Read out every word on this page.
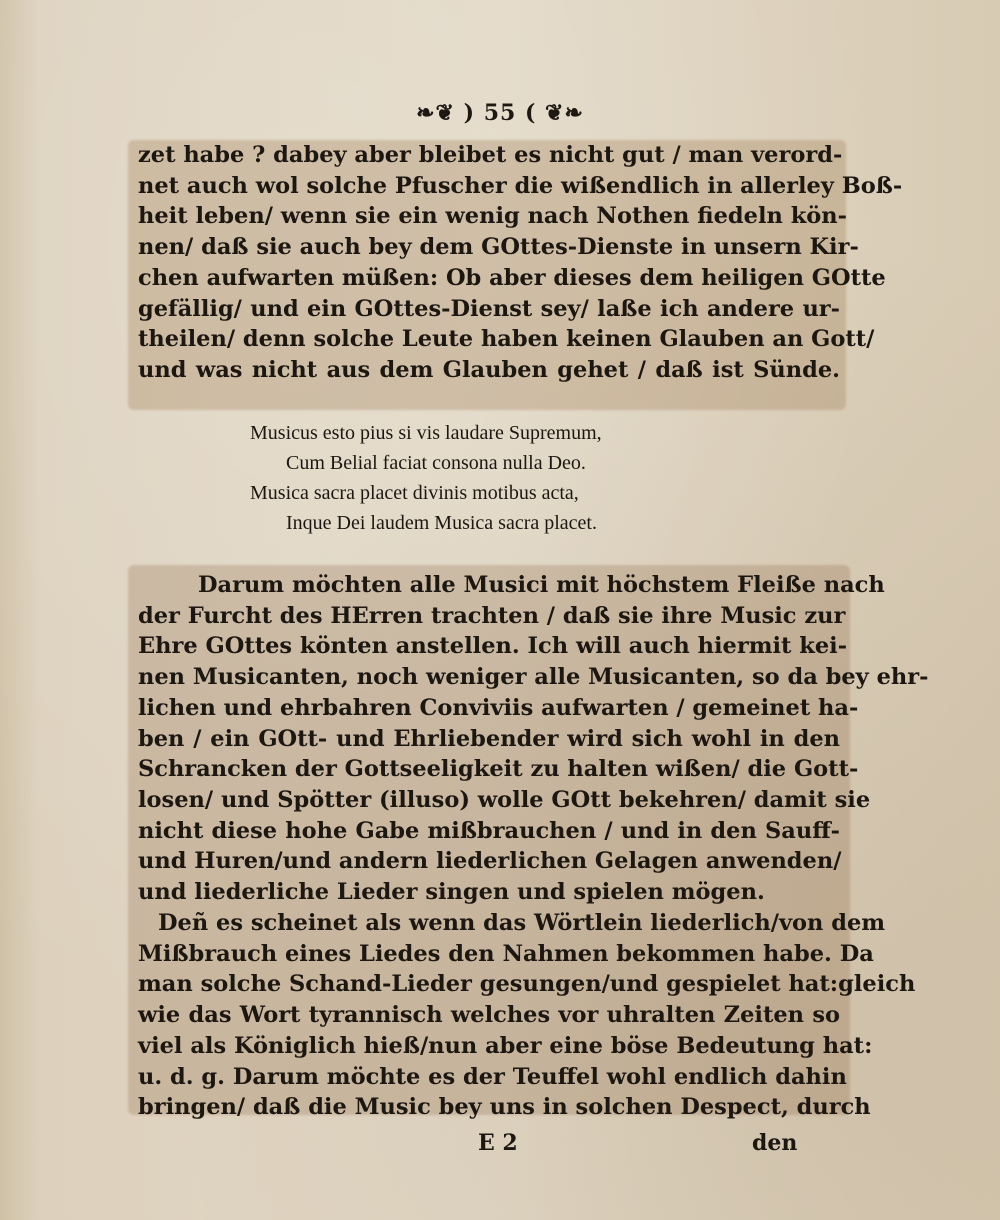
❧❦ ) 55 ( ❦❧
zet habe ? dabey aber bleibet es nicht gut / man verord-
net auch wol solche Pfuscher die wißendlich in allerley Boß-
heit leben/ wenn sie ein wenig nach Nothen fiedeln kön-
nen/ daß sie auch bey dem GOttes-Dienste in unsern Kir-
chen aufwarten müßen: Ob aber dieses dem heiligen GOtte
gefällig/ und ein GOttes-Dienst sey/ laße ich andere ur-
theilen/ denn solche Leute haben keinen Glauben an Gott/
und was nicht aus dem Glauben gehet / daß ist Sünde.
Musicus esto pius si vis laudare Supremum,
Cum Belial faciat consona nulla Deo.
Musica sacra placet divinis motibus acta,
Inque Dei laudem Musica sacra placet.
Darum möchten alle Musici mit höchstem Fleiße nach
der Furcht des HErren trachten / daß sie ihre Music zur
Ehre GOttes könten anstellen. Ich will auch hiermit kei-
nen Musicanten, noch weniger alle Musicanten, so da bey ehr-
lichen und ehrbahren Conviviis aufwarten / gemeinet ha-
ben / ein GOtt- und Ehrliebender wird sich wohl in den
Schrancken der Gottseeligkeit zu halten wißen/ die Gott-
losen/ und Spötter (illuso) wolle GOtt bekehren/ damit sie
nicht diese hohe Gabe mißbrauchen / und in den Sauff-
und Huren/und andern liederlichen Gelagen anwenden/
und liederliche Lieder singen und spielen mögen.
Deñ es scheinet als wenn das Wörtlein liederlich/von dem
Mißbrauch eines Liedes den Nahmen bekommen habe. Da
man solche Schand-Lieder gesungen/und gespielet hat:gleich
wie das Wort tyrannisch welches vor uhralten Zeiten so
viel als Königlich hieß/nun aber eine böse Bedeutung hat:
u. d. g. Darum möchte es der Teuffel wohl endlich dahin
bringen/ daß die Music bey uns in solchen Despect, durch
E 2	den
